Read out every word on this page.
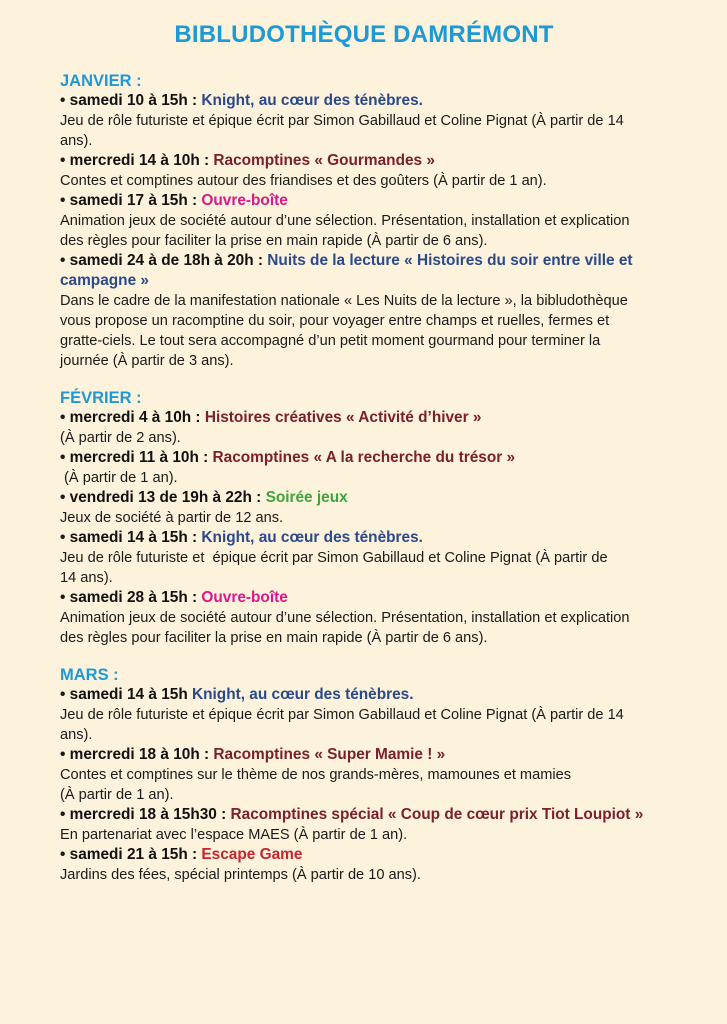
BIBLUDOTHÈQUE DAMRÉMONT

JANVIER :

• samedi 10 à 15h : Knight, au cœur des ténèbres.

Jeu de rôle futuriste et épique écrit par Simon Gabillaud et Coline Pignat (À partir de 14

ans).

• mercredi 14 à 10h : Racomptines « Gourmandes »

Contes et comptines autour des friandises et des goûters (À partir de 1 an).

• samedi 17 à 15h : Ouvre-boîte

Animation jeux de société autour d’une sélection. Présentation, installation et explication

des règles pour faciliter la prise en main rapide (À partir de 6 ans).

• samedi 24 à de 18h à 20h : Nuits de la lecture « Histoires du soir entre ville et campagne »

Dans le cadre de la manifestation nationale « Les Nuits de la lecture », la bibludothèque

vous propose un racomptine du soir, pour voyager entre champs et ruelles, fermes et

gratte-ciels. Le tout sera accompagné d’un petit moment gourmand pour terminer la

journée (À partir de 3 ans).

FÉVRIER :

• mercredi 4 à 10h : Histoires créatives « Activité d’hiver »

(À partir de 2 ans).

• mercredi 11 à 10h : Racomptines « A la recherche du trésor »

(À partir de 1 an).

• vendredi 13 de 19h à 22h : Soirée jeux

Jeux de société à partir de 12 ans.

• samedi 14 à 15h : Knight, au cœur des ténèbres.

Jeu de rôle futuriste et  épique écrit par Simon Gabillaud et Coline Pignat (À partir de

14 ans).

• samedi 28 à 15h : Ouvre-boîte

Animation jeux de société autour d’une sélection. Présentation, installation et explication

des règles pour faciliter la prise en main rapide (À partir de 6 ans).

MARS :

• samedi 14 à 15h Knight, au cœur des ténèbres.

Jeu de rôle futuriste et épique écrit par Simon Gabillaud et Coline Pignat (À partir de 14

ans).

• mercredi 18 à 10h : Racomptines « Super Mamie ! »

Contes et comptines sur le thème de nos grands-mères, mamounes et mamies

(À partir de 1 an).

• mercredi 18 à 15h30 : Racomptines spécial « Coup de cœur prix Tiot Loupiot »

En partenariat avec l’espace MAES (À partir de 1 an).

• samedi 21 à 15h : Escape Game

Jardins des fées, spécial printemps (À partir de 10 ans).
